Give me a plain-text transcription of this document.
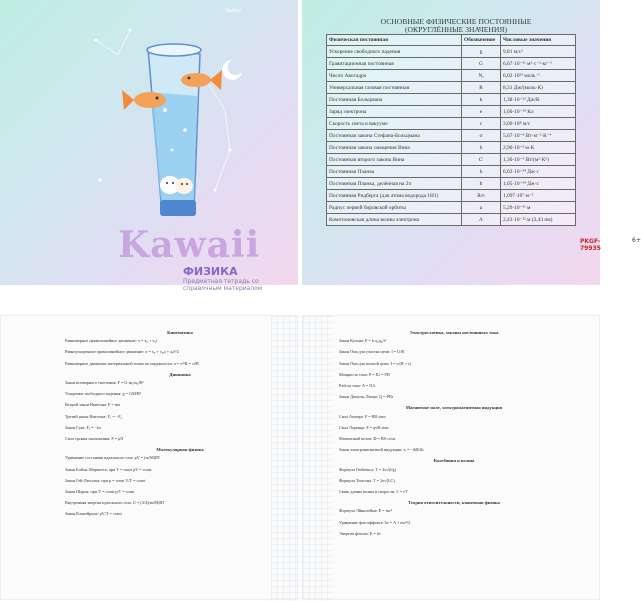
Hatber
Kawaii
ФИЗИКА
Предметная тетрадь со справочным материалом
ОСНОВНЫЕ ФИЗИЧЕСКИЕ ПОСТОЯННЫЕ
(ОКРУГЛЁННЫЕ ЗНАЧЕНИЯ)
Физическая постоянная	Обозначение	Числовые значения
Ускорение свободного падения	g	9,81 м/с²
Гравитационная постоянная	G	6,67·10⁻¹¹ м³·с⁻²·кг⁻¹
Число Авогадро	Nₐ	6,02·10²³ моль⁻¹
Универсальная газовая постоянная	R	8,31 Дж/(моль·К)
Постоянная Больцмана	k	1,38·10⁻²³ Дж/К
Заряд электрона	e	1,60·10⁻¹⁹ Кл
Скорость света в вакууме	c	3,00·10⁸ м/с
Постоянная закона Стефана-Больцмана	σ	5,67·10⁻⁸ Вт·м⁻²·К⁻⁴
Постоянная закона смещения Вина	b	2,90·10⁻³ м·К
Постоянная второго закона Вина	C'	1,30·10⁻⁵ Вт/(м³·К⁵)
Постоянная Планка	h	6,63·10⁻³⁴ Дж·с
Постоянная Планка, делённая на 2π	ħ	1,05·10⁻³⁴ Дж·с
Постоянная Ридберга (для атома водорода 1H1)	R∞	1,097·10⁷ м⁻¹
Радиус первой боровской орбиты	a	5,29·10⁻¹¹ м
Комптоновская длина волны электрона	Λ	2,43·10⁻¹² м (2,43 пм)
PKGF-79935
6+
Кинематика
Равномерное прямолинейное движение: x = x₀ + vₓt
Равноускоренное прямолинейное движение: x = x₀ + v₀ₓt + aₓt²/2
Равномерное движение материальной точки по окружности: a = v²/R = ω²R
Динамика
Закон всемирного тяготения: F = G·m₁m₂/R²
Ускорение свободного падения: g = GM/R²
Второй закон Ньютона: F = ma
Третий закон Ньютона: F₁ = −F₂
Закон Гука: Fₓ = −kx
Сила трения скольжения: F = μN
Молекулярная физика
Уравнение состояния идеального газа: pV = (m/M)RT
Закон Бойля–Мариотта: при T = const pV = const
Закон Гей-Люссака: при p = const V/T = const
Закон Шарля: при V = const p/T = const
Внутренняя энергия идеального газа: U = (3/2)(m/M)RT
Закон Клапейрона: pV/T = const
Электростатика, законы постоянного тока
Закон Кулона: F = k·q₁q₂/r²
Закон Ома для участка цепи: I = U/R
Закон Ома для полной цепи: I = ε/(R + r)
Мощность тока: P = IU = I²R
Работа тока: A = IUt
Закон Джоуля–Ленца: Q = I²Rt
Магнитное поле, электромагнитная индукция
Сила Ампера: F = IBl·sinα
Сила Лоренца: F = qvB·sinα
Магнитный поток: Φ = BS·cosα
Закон электромагнитной индукции: εᵢ = −ΔΦ/Δt
Колебания и волны
Формула Гюйгенса: T = 2π√(l/g)
Формула Томсона: T = 2π√(LC)
Связь длины волны и скорости: λ = vT
Теория относительности, квантовая физика
Формула Эйнштейна: E = mc²
Уравнение фотоэффекта: hν = A + mv²/2
Энергия фотона: E = hν
